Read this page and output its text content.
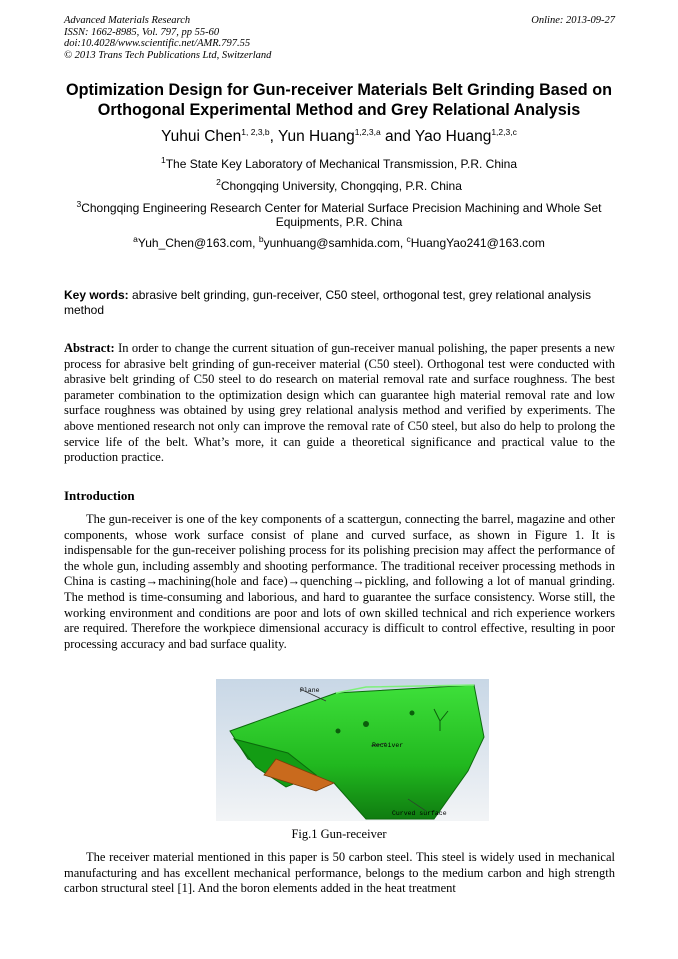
Advanced Materials Research
ISSN: 1662-8985, Vol. 797, pp 55-60
doi:10.4028/www.scientific.net/AMR.797.55
© 2013 Trans Tech Publications Ltd, Switzerland
Online: 2013-09-27
Optimization Design for Gun-receiver Materials Belt Grinding Based on
Orthogonal Experimental Method and Grey Relational Analysis
Yuhui Chen$^{1, 2,3,b}$, Yun Huang$^{1,2,3,a}$ and Yao Huang$^{1,2,3,c}$
$^1$The State Key Laboratory of Mechanical Transmission, P.R. China
$^2$Chongqing University, Chongqing, P.R. China
$^3$Chongqing Engineering Research Center for Material Surface Precision Machining and Whole Set Equipments, P.R. China
$^a$Yuh_Chen@163.com, $^b$yunhuang@samhida.com, $^c$HuangYao241@163.com
Key words: abrasive belt grinding, gun-receiver, C50 steel, orthogonal test, grey relational analysis method
Abstract: In order to change the current situation of gun-receiver manual polishing, the paper presents a new process for abrasive belt grinding of gun-receiver material (C50 steel). Orthogonal test were conducted with abrasive belt grinding of C50 steel to do research on material removal rate and surface roughness. The best parameter combination to the optimization design which can guarantee high material removal rate and low surface roughness was obtained by using grey relational analysis method and verified by experiments. The above mentioned research not only can improve the removal rate of C50 steel, but also do help to prolong the service life of the belt. What’s more, it can guide a theoretical significance and practical value to the production practice.
Introduction
The gun-receiver is one of the key components of a scattergun, connecting the barrel, magazine and other components, whose work surface consist of plane and curved surface, as shown in Figure 1. It is indispensable for the gun-receiver polishing process for its polishing precision may affect the performance of the whole gun, including assembly and shooting performance. The traditional receiver processing methods in China is casting→machining(hole and face)→quenching→pickling, and following a lot of manual grinding. The method is time-consuming and laborious, and hard to guarantee the surface consistency. Worse still, the working environment and conditions are poor and lots of own skilled technical and rich experience workers are required. Therefore the workpiece dimensional accuracy is difficult to control effective, resulting in poor processing accuracy and bad surface quality.
Plane
Receiver
Curved surface
Fig.1 Gun-receiver
The receiver material mentioned in this paper is 50 carbon steel. This steel is widely used in mechanical manufacturing and has excellent mechanical performance, belongs to the medium carbon and high strength carbon structural steel [1]. And the boron elements added in the heat treatment
